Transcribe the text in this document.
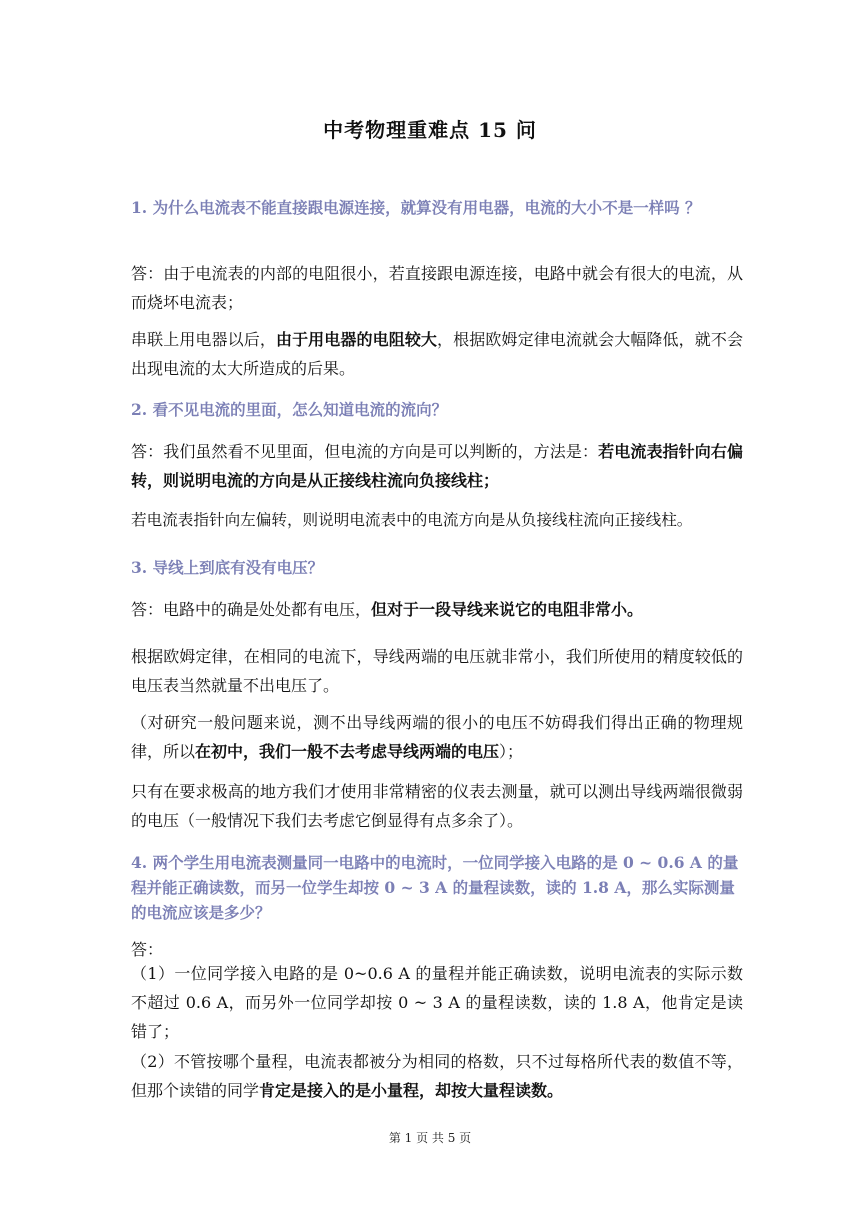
中考物理重难点 15 问
1. 为什么电流表不能直接跟电源连接，就算没有用电器，电流的大小不是一样吗 ？
答：由于电流表的内部的电阻很小，若直接跟电源连接，电路中就会有很大的电流，从而烧坏电流表；
串联上用电器以后，由于用电器的电阻较大，根据欧姆定律电流就会大幅降低，就不会出现电流的太大所造成的后果。
2. 看不见电流的里面，怎么知道电流的流向？
答：我们虽然看不见里面，但电流的方向是可以判断的，方法是：若电流表指针向右偏转，则说明电流的方向是从正接线柱流向负接线柱；
若电流表指针向左偏转，则说明电流表中的电流方向是从负接线柱流向正接线柱。
3. 导线上到底有没有电压？
答：电路中的确是处处都有电压，但对于一段导线来说它的电阻非常小。
根据欧姆定律，在相同的电流下，导线两端的电压就非常小，我们所使用的精度较低的电压表当然就量不出电压了。
（对研究一般问题来说，测不出导线两端的很小的电压不妨碍我们得出正确的物理规律，所以在初中，我们一般不去考虑导线两端的电压）；
只有在要求极高的地方我们才使用非常精密的仪表去测量，就可以测出导线两端很微弱的电压（一般情况下我们去考虑它倒显得有点多余了）。
4. 两个学生用电流表测量同一电路中的电流时，一位同学接入电路的是 0 ~ 0.6 A 的量程并能正确读数，而另一位学生却按 0 ~ 3 A 的量程读数，读的 1.8 A，那么实际测量的电流应该是多少？
答：
（1）一位同学接入电路的是 0~0.6 A 的量程并能正确读数，说明电流表的实际示数不超过 0.6 A，而另外一位同学却按 0 ~ 3 A 的量程读数，读的 1.8 A，他肯定是读错了；
（2）不管按哪个量程，电流表都被分为相同的格数，只不过每格所代表的数值不等，但那个读错的同学肯定是接入的是小量程，却按大量程读数。
第 1 页 共 5 页
